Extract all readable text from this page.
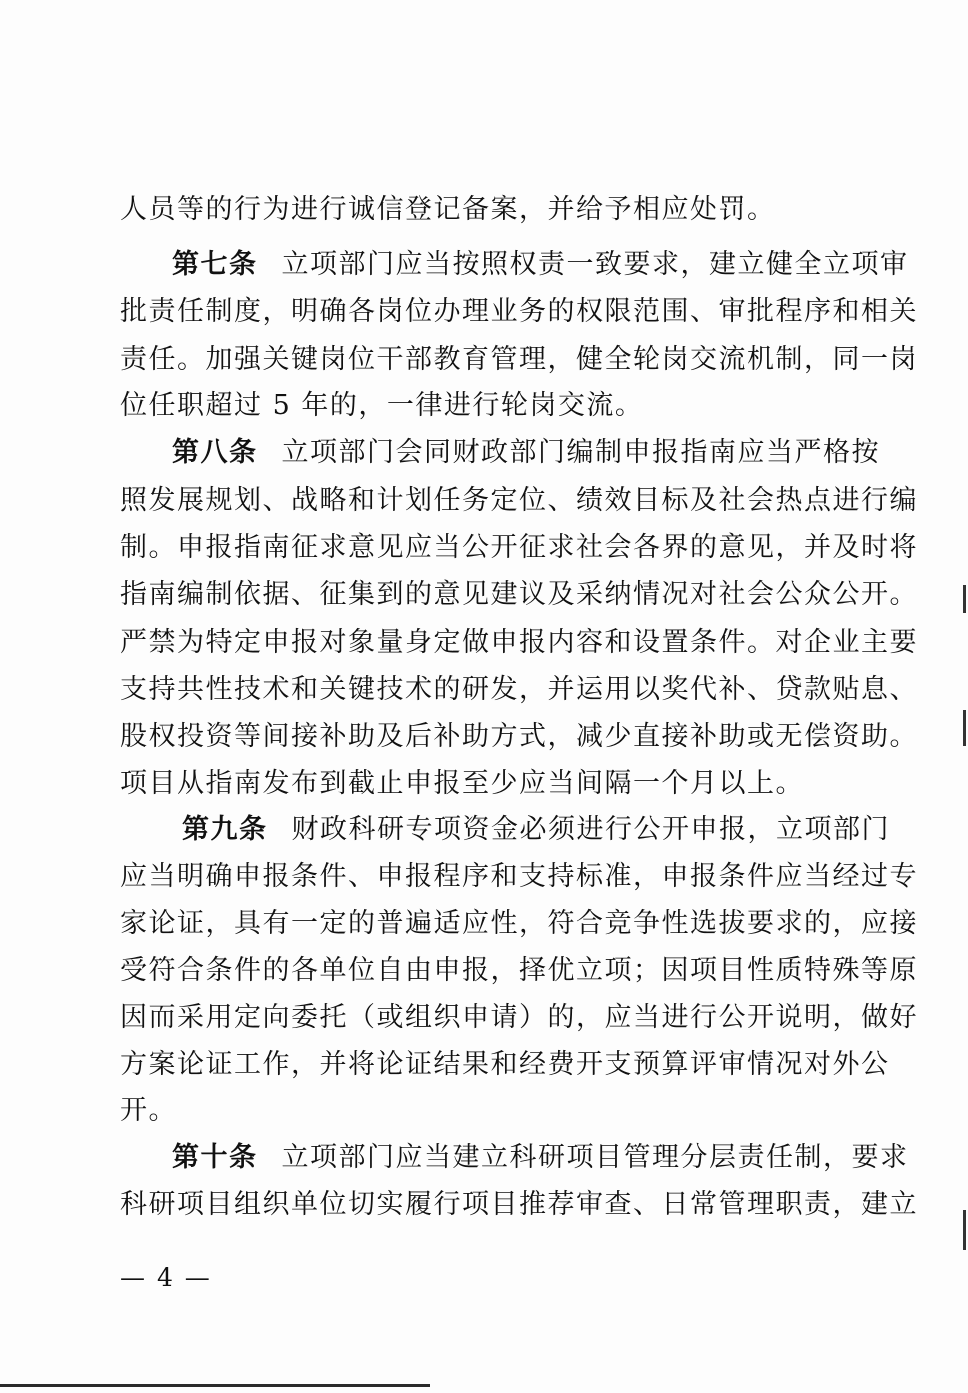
人员等的行为进行诚信登记备案，并给予相应处罚。
第七条 立项部门应当按照权责一致要求，建立健全立项审
批责任制度，明确各岗位办理业务的权限范围、审批程序和相关
责任。加强关键岗位干部教育管理，健全轮岗交流机制，同一岗
位任职超过 5 年的，一律进行轮岗交流。
第八条 立项部门会同财政部门编制申报指南应当严格按
照发展规划、战略和计划任务定位、绩效目标及社会热点进行编
制。申报指南征求意见应当公开征求社会各界的意见，并及时将
指南编制依据、征集到的意见建议及采纳情况对社会公众公开。
严禁为特定申报对象量身定做申报内容和设置条件。对企业主要
支持共性技术和关键技术的研发，并运用以奖代补、贷款贴息、
股权投资等间接补助及后补助方式，减少直接补助或无偿资助。
项目从指南发布到截止申报至少应当间隔一个月以上。
第九条 财政科研专项资金必须进行公开申报，立项部门
应当明确申报条件、申报程序和支持标准，申报条件应当经过专
家论证，具有一定的普遍适应性，符合竞争性选拔要求的，应接
受符合条件的各单位自由申报，择优立项；因项目性质特殊等原
因而采用定向委托（或组织申请）的，应当进行公开说明，做好
方案论证工作，并将论证结果和经费开支预算评审情况对外公
开。
第十条 立项部门应当建立科研项目管理分层责任制，要求
科研项目组织单位切实履行项目推荐审查、日常管理职责，建立
— 4 —
